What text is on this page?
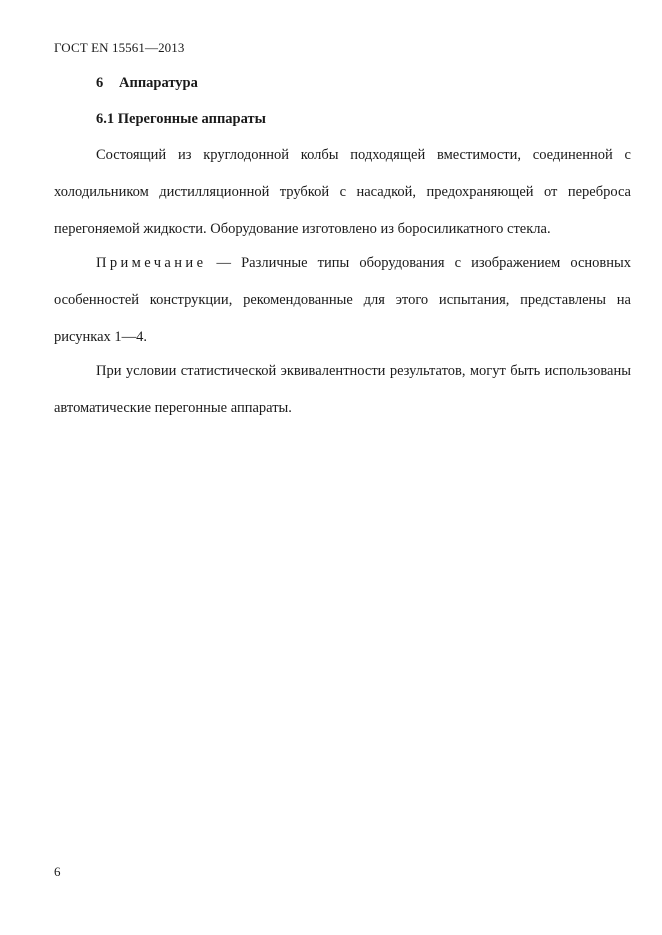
ГОСТ EN 15561—2013
6 Аппаратура
6.1 Перегонные аппараты

Состоящий из круглодонной колбы подходящей вместимости, соединенной с холодильником дистилляционной трубкой с насадкой, предохраняющей от переброса перегоняемой жидкости. Оборудование изготовлено из боросиликатного стекла.

Примечание — Различные типы оборудования с изображением основных особенностей конструкции, рекомендованные для этого испытания, представлены на рисунках 1—4.

При условии статистической эквивалентности результатов, могут быть использованы автоматические перегонные аппараты.

6
